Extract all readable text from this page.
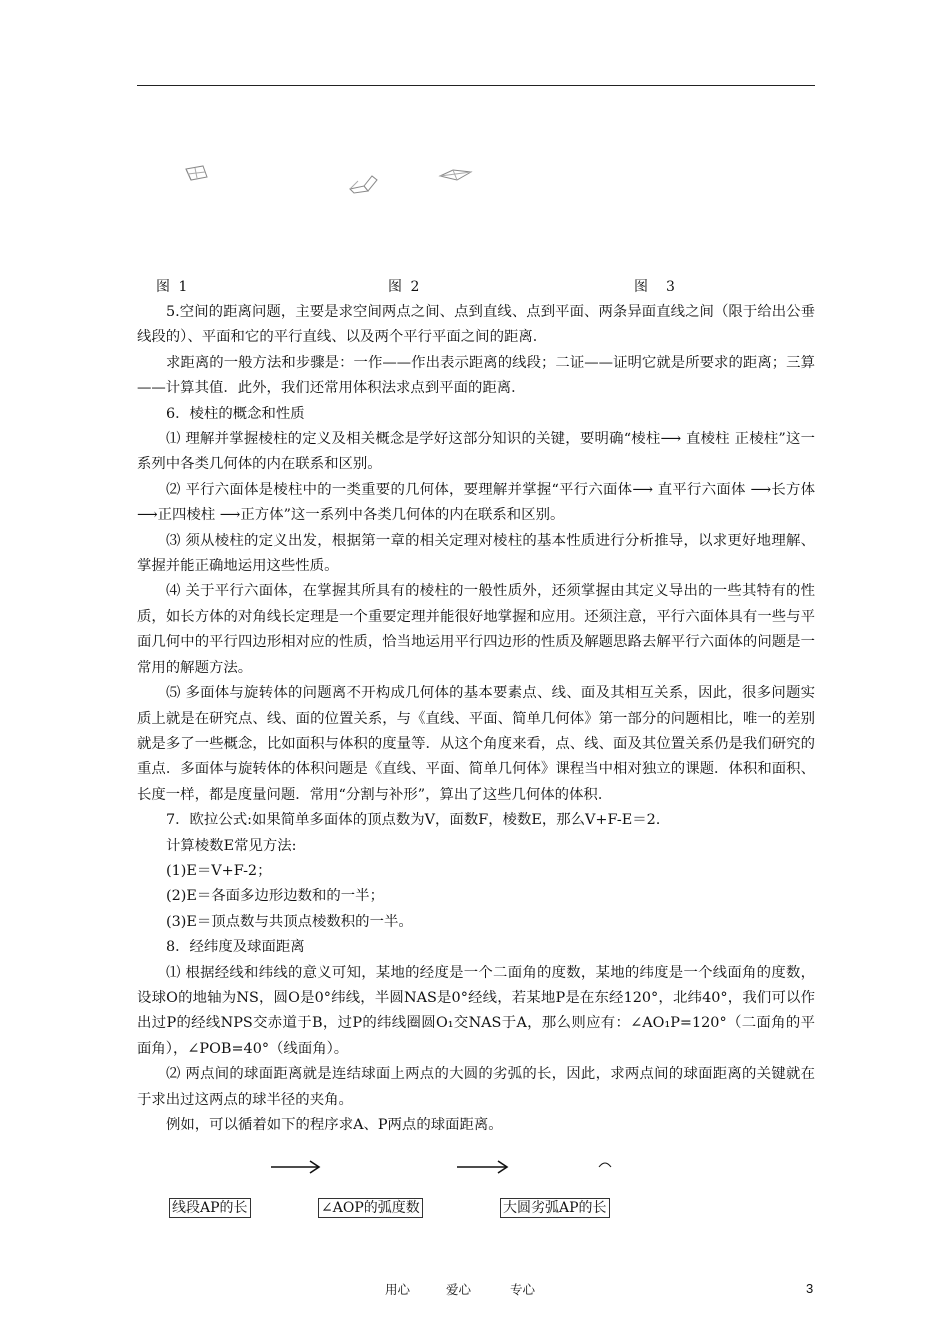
图 1	图 2	图　3

5.空间的距离问题，主要是求空间两点之间、点到直线、点到平面、两条异面直线之间（限于给出公垂线段的）、平面和它的平行直线、以及两个平行平面之间的距离．

求距离的一般方法和步骤是：一作——作出表示距离的线段；二证——证明它就是所要求的距离；三算——计算其值．此外，我们还常用体积法求点到平面的距离．

6．棱柱的概念和性质

⑴ 理解并掌握棱柱的定义及相关概念是学好这部分知识的关键，要明确“棱柱⟶ 直棱柱 正棱柱”这一系列中各类几何体的内在联系和区别。

⑵ 平行六面体是棱柱中的一类重要的几何体，要理解并掌握“平行六面体⟶ 直平行六面体 ⟶长方体 ⟶正四棱柱 ⟶正方体”这一系列中各类几何体的内在联系和区别。

⑶ 须从棱柱的定义出发，根据第一章的相关定理对棱柱的基本性质进行分析推导，以求更好地理解、掌握并能正确地运用这些性质。

⑷ 关于平行六面体，在掌握其所具有的棱柱的一般性质外，还须掌握由其定义导出的一些其特有的性质，如长方体的对角线长定理是一个重要定理并能很好地掌握和应用。还须注意，平行六面体具有一些与平面几何中的平行四边形相对应的性质，恰当地运用平行四边形的性质及解题思路去解平行六面体的问题是一常用的解题方法。

⑸ 多面体与旋转体的问题离不开构成几何体的基本要素点、线、面及其相互关系，因此，很多问题实质上就是在研究点、线、面的位置关系，与《直线、平面、简单几何体》第一部分的问题相比，唯一的差别就是多了一些概念，比如面积与体积的度量等．从这个角度来看，点、线、面及其位置关系仍是我们研究的重点．多面体与旋转体的体积问题是《直线、平面、简单几何体》课程当中相对独立的课题．体积和面积、长度一样，都是度量问题．常用“分割与补形”，算出了这些几何体的体积．

7．欧拉公式:如果简单多面体的顶点数为V，面数F，棱数E，那么V+F-E＝2.

计算棱数E常见方法:

(1)E＝V+F-2；

(2)E＝各面多边形边数和的一半；

(3)E＝顶点数与共顶点棱数积的一半。

8．经纬度及球面距离

⑴ 根据经线和纬线的意义可知，某地的经度是一个二面角的度数，某地的纬度是一个线面角的度数，设球O的地轴为NS，圆O是0°纬线，半圆NAS是0°经线，若某地P是在东经120°，北纬40°，我们可以作出过P的经线NPS交赤道于B，过P的纬线圈圆O₁交NAS于A，那么则应有：∠AO₁P=120°（二面角的平面角），∠POB=40°（线面角）。

⑵ 两点间的球面距离就是连结球面上两点的大圆的劣弧的长，因此，求两点间的球面距离的关键就在于求出过这两点的球半径的夹角。

例如，可以循着如下的程序求A、P两点的球面距离。

线段AP的长	∠AOP的弧度数	大圆劣弧AP的长
用心	爱心	专心	3
